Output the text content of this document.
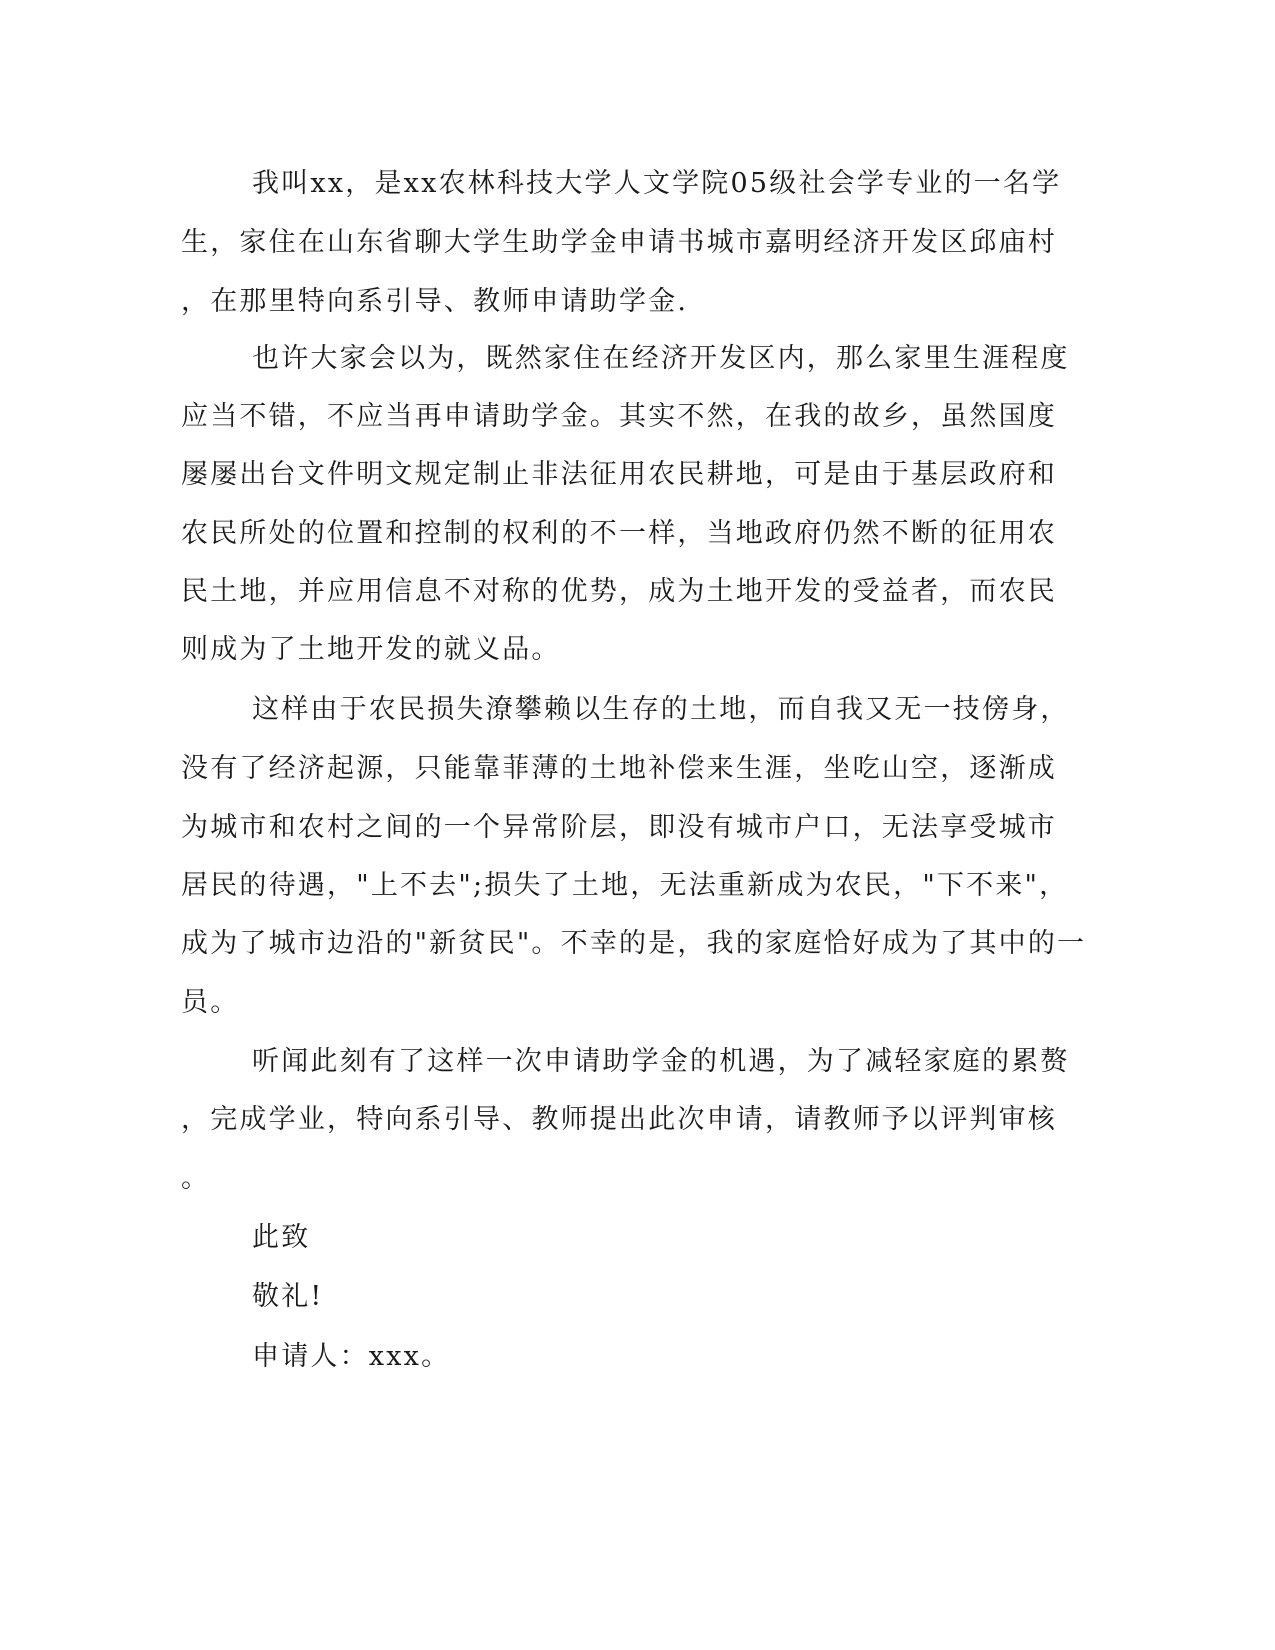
我叫xx，是xx农林科技大学人文学院05级社会学专业的一名学
生，家住在山东省聊大学生助学金申请书城市嘉明经济开发区邱庙村
，在那里特向系引导、教师申请助学金.
也许大家会以为，既然家住在经济开发区内，那么家里生涯程度
应当不错，不应当再申请助学金。其实不然，在我的故乡，虽然国度
屡屡出台文件明文规定制止非法征用农民耕地，可是由于基层政府和
农民所处的位置和控制的权利的不一样，当地政府仍然不断的征用农
民土地，并应用信息不对称的优势，成为土地开发的受益者，而农民
则成为了土地开发的就义品。
这样由于农民损失潦攀赖以生存的土地，而自我又无一技傍身，
没有了经济起源，只能靠菲薄的土地补偿来生涯，坐吃山空，逐渐成
为城市和农村之间的一个异常阶层，即没有城市户口，无法享受城市
居民的待遇，"上不去";损失了土地，无法重新成为农民，"下不来"，
成为了城市边沿的"新贫民"。不幸的是，我的家庭恰好成为了其中的一
员。
听闻此刻有了这样一次申请助学金的机遇，为了减轻家庭的累赘
，完成学业，特向系引导、教师提出此次申请，请教师予以评判审核
。
此致
敬礼!
申请人：xxx。
